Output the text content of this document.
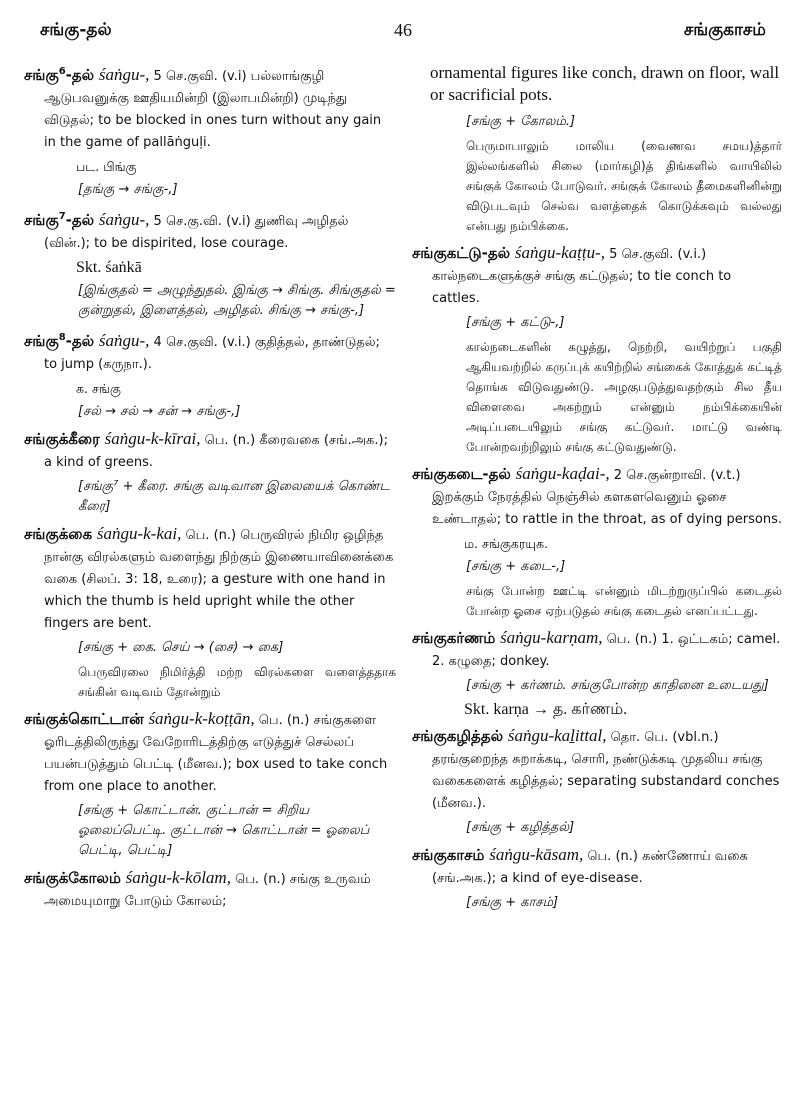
சங்கு-தல்	46	சங்குகாசம்
சங்கு$^6$-தல் śaṅgu-, 5 செ.குவி. (v.i) பல்லாங்குழி ஆடுபவனுக்கு ஊதியமின்றி (இலாபமின்றி) முடிந்து விடுதல்; to be blocked in ones turn without any gain in the game of pallāṅguḷi.
பட. பிங்கு
[தங்கு → சங்கு-,]
சங்கு$^7$-தல் śaṅgu-, 5 செ.கு.வி. (v.i) துணிவு அழிதல் (வின்.); to be dispirited, lose courage.
Skt. śaṅkā
[இங்குதல் = அழுந்துதல். இங்கு → சிங்கு. சிங்குதல் = குன்றுதல், இளைத்தல், அழிதல். சிங்கு → சங்கு-,]
சங்கு$^8$-தல் śaṅgu-, 4 செ.குவி. (v.i.) குதித்தல், தாண்டுதல்; to jump (கருநா.).
க. சங்கு
[சல் → சல் → சன் → சங்கு-,]
சங்குக்கீரை śaṅgu-k-kīrai, பெ. (n.) கீரைவகை (சங்.அக.); a kind of greens.
[சங்கு⁷ + கீரை. சங்கு வடிவான இலையைக் கொண்ட கீரை]
சங்குக்கை śaṅgu-k-kai, பெ. (n.) பெருவிரல் நிமிர ஒழிந்த நான்கு விரல்களும் வளைந்து நிற்கும் இணையாவினைக்கை வகை (சிலப். 3: 18, உரை); a gesture with one hand in which the thumb is held upright while the other fingers are bent.
[சங்கு + கை. செய் → (சை) → கை]
பெருவிரலை நிமிர்த்தி மற்ற விரல்களை வளைத்ததாக சங்கின் வடிவம் தோன்றும்
சங்குக்கொட்டான் śaṅgu-k-koṭṭān, பெ. (n.) சங்குகளை ஓரிடத்திலிருந்து வேறோரிடத்திற்கு எடுத்துச் செல்லப் பயன்படுத்தும் பெட்டி (மீனவ.); box used to take conch from one place to another.
[சங்கு + கொட்டான். குட்டான் = சிறிய ஓலைப்பெட்டி. குட்டான் → கொட்டான் = ஓலைப் பெட்டி, பெட்டி]
சங்குக்கோலம் śaṅgu-k-kōlam, பெ. (n.) சங்கு உருவம் அமையுமாறு போடும் கோலம்;
ornamental figures like conch, drawn on floor, wall or sacrificial pots.
[சங்கு + கோலம்.]
பெருமாபாலும் மாலிய (வைணவ சமய)த்தார் இல்லங்களில் சிலை (மார்கழி)த் திங்களில் வாயிலில் சங்குக் கோலம் போடுவர். சங்குக் கோலம் தீமைகளினின்று விடுபடவும் செல்வ வளத்தைக் கொடுக்கவும் வல்லது என்பது நம்பிக்கை.
சங்குகட்டு-தல் śaṅgu-kaṭṭu-, 5 செ.குவி. (v.i.) கால்நடைகளுக்குச் சங்கு கட்டுதல்; to tie conch to cattles.
[சங்கு + கட்டு-,]
கால்நடைகளின் கழுத்து, நெற்றி, வயிற்றுப் பகுதி ஆகியவற்றில் கருப்புக் கயிற்றில் சங்கைக் கோத்துக் கட்டித் தொங்க விடுவதுண்டு. அழகுபடுத்துவதற்கும் சில தீய விளைவை அகற்றும் என்னும் நம்பிக்கையின் அடிப்படையிலும் சங்கு கட்டுவர். மாட்டு வண்டி போன்றவற்றிலும் சங்கு கட்டுவதுண்டு.
சங்குகடை-தல் śaṅgu-kaḍai-, 2 செ.குன்றாவி. (v.t.) இறக்கும் நேரத்தில் நெஞ்சில் களகளவெனும் ஓசை உண்டாதல்; to rattle in the throat, as of dying persons.
ம. சங்குகரயுக.
[சங்கு + கடை-,]
சங்கு போன்ற ஊட்டி என்னும் மிடற்றுருப்பில் கடைதல் போன்ற ஓசை ஏற்படுதல் சங்கு கடைதல் எனப்பட்டது.
சங்குகர்ணம் śaṅgu-karṇam, பெ. (n.) 1. ஒட்டகம்; camel. 2. கழுதை; donkey.
[சங்கு + கர்ணம். சங்குபோன்ற காதினை உடையது]
Skt. karṇa → த. கர்ணம்.
சங்குகழித்தல் śaṅgu-kaḻittal, தொ. பெ. (vbl.n.) தரங்குறைந்த சுறாக்கடி, சொரி, நண்டுக்கடி முதலிய சங்கு வகைகளைக் கழித்தல்; separating substandard conches (மீனவ.).
[சங்கு + கழித்தல்]
சங்குகாசம் śaṅgu-kāsam, பெ. (n.) கண்ணோய் வகை (சங்.அக.); a kind of eye-disease.
[சங்கு + காசம்]
